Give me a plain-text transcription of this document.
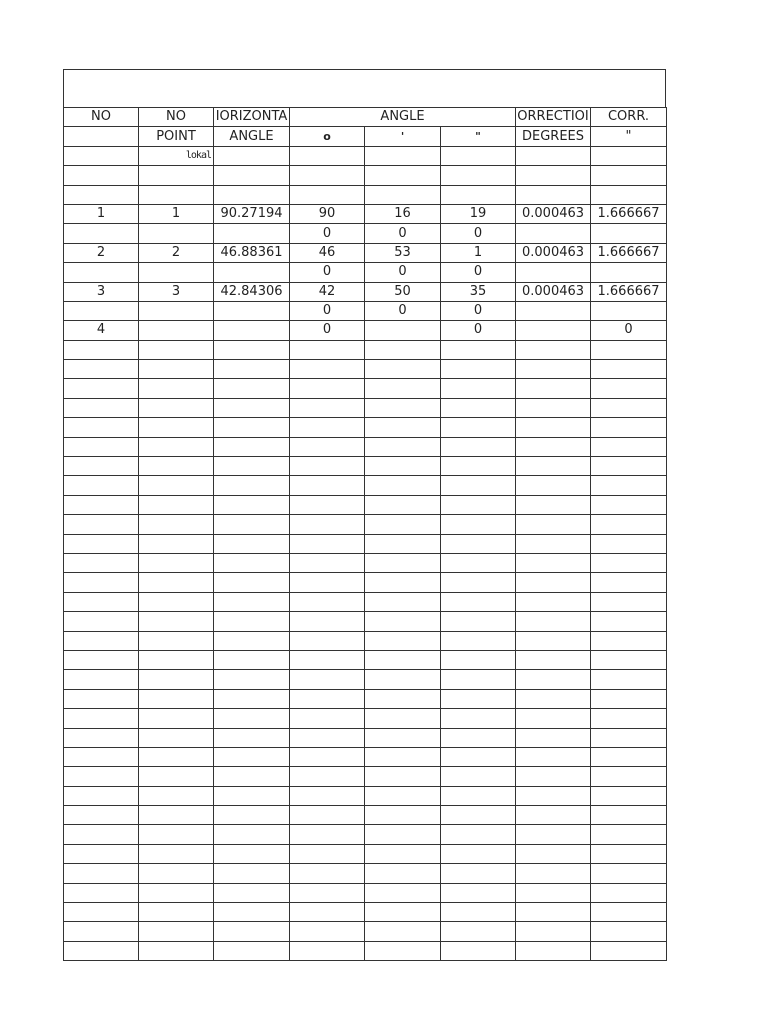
NO	NO	IORIZONTA	ANGLE			ORRECTIOI	CORR.
	POINT	ANGLE	o	'	"	DEGREES	"
	lokal						

1	1	90.27194	90	16	19	0.000463	1.666667
			0	0	0		
2	2	46.88361	46	53	1	0.000463	1.666667
			0	0	0		
3	3	42.84306	42	50	35	0.000463	1.666667
			0	0	0		
4			0		0		0
